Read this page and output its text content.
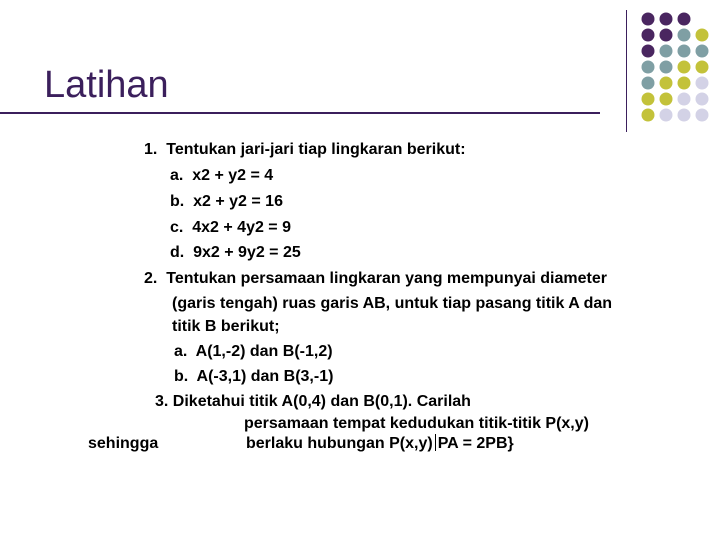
Latihan
1. Tentukan jari-jari tiap lingkaran berikut:
a. x2 + y2 = 4
b. x2 + y2 = 16
c. 4x2 + 4y2 = 9
d. 9x2 + 9y2 = 25
2. Tentukan persamaan lingkaran yang mempunyai diameter
(garis tengah) ruas garis AB, untuk tiap pasang titik A dan
titik B berikut;
a. A(1,-2) dan B(-1,2)
b. A(-3,1) dan B(3,-1)
3. Diketahui titik A(0,4) dan B(0,1). Carilah
persamaan tempat kedudukan titik-titik P(x,y)
sehingga	berlaku hubungan P(x,y) PA = 2PB}
